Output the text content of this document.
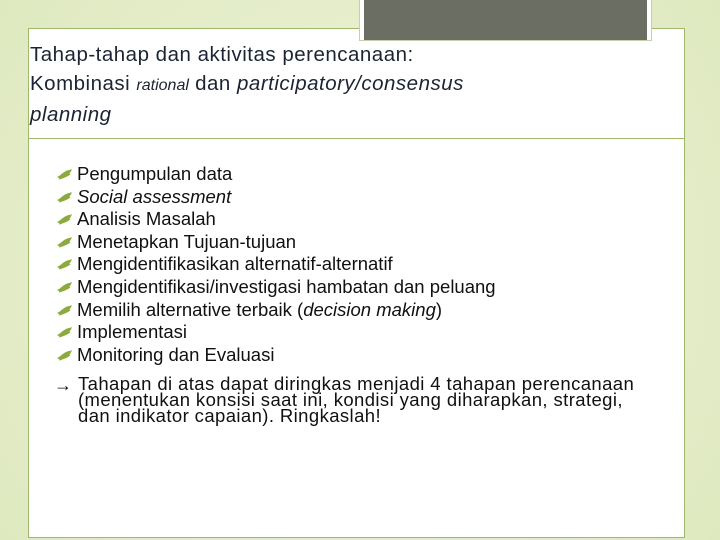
Tahap-tahap dan aktivitas perencanaan:
Kombinasi rational dan participatory/consensus
planning
Pengumpulan data
Social assessment
Analisis Masalah
Menetapkan Tujuan-tujuan
Mengidentifikasikan alternatif-alternatif
Mengidentifikasi/investigasi hambatan dan peluang
Memilih alternative terbaik (decision making)
Implementasi
Monitoring dan Evaluasi
→ Tahapan di atas dapat diringkas menjadi 4 tahapan perencanaan (menentukan konsisi saat ini, kondisi yang diharapkan, strategi, dan indikator capaian). Ringkaslah!
